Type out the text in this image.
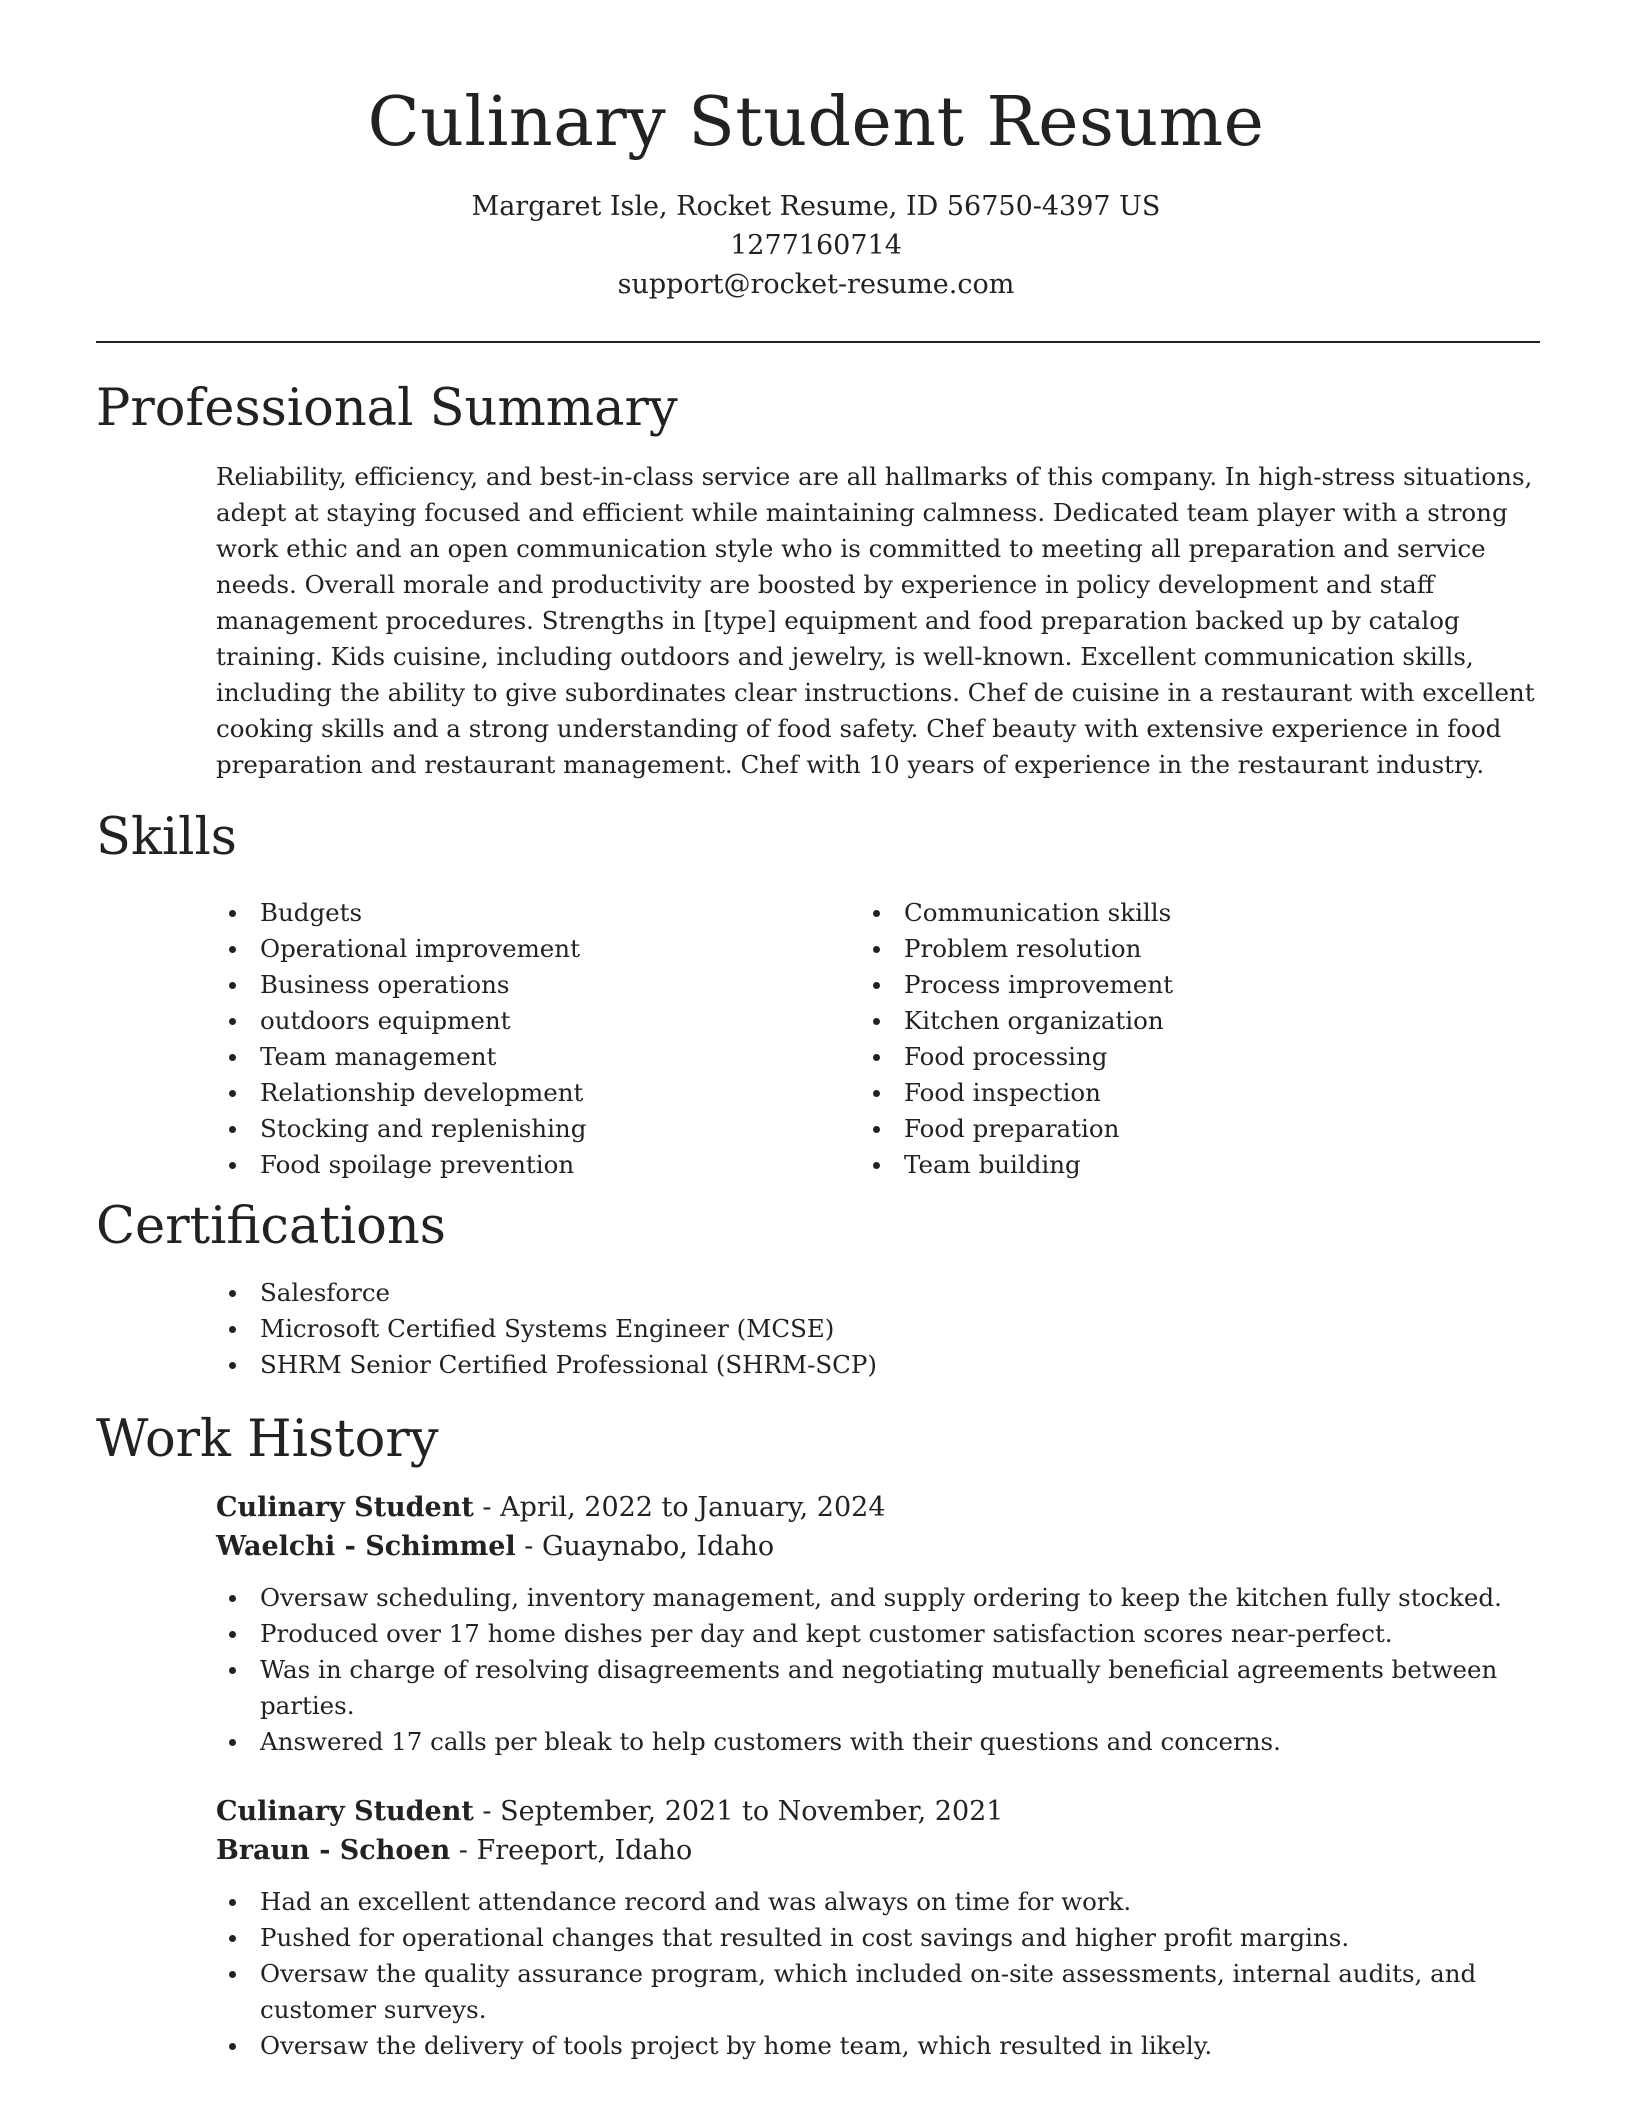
Culinary Student Resume
Margaret Isle, Rocket Resume, ID 56750-4397 US
1277160714
support@rocket-resume.com
Professional Summary

Reliability, efficiency, and best-in-class service are all hallmarks of this company. In high-stress situations, adept at staying focused and efficient while maintaining calmness. Dedicated team player with a strong work ethic and an open communication style who is committed to meeting all preparation and service needs. Overall morale and productivity are boosted by experience in policy development and staff management procedures. Strengths in [type] equipment and food preparation backed up by catalog training. Kids cuisine, including outdoors and jewelry, is well-known. Excellent communication skills, including the ability to give subordinates clear instructions. Chef de cuisine in a restaurant with excellent cooking skills and a strong understanding of food safety. Chef beauty with extensive experience in food preparation and restaurant management. Chef with 10 years of experience in the restaurant industry.

Skills
Budgets
Operational improvement
Business operations
outdoors equipment
Team management
Relationship development
Stocking and replenishing
Food spoilage prevention
Communication skills
Problem resolution
Process improvement
Kitchen organization
Food processing
Food inspection
Food preparation
Team building
Certifications
Salesforce
Microsoft Certified Systems Engineer (MCSE)
SHRM Senior Certified Professional (SHRM-SCP)
Work History
Culinary Student - April, 2022 to January, 2024
Waelchi - Schimmel - Guaynabo, Idaho
Oversaw scheduling, inventory management, and supply ordering to keep the kitchen fully stocked.
Produced over 17 home dishes per day and kept customer satisfaction scores near-perfect.
Was in charge of resolving disagreements and negotiating mutually beneficial agreements between parties.
Answered 17 calls per bleak to help customers with their questions and concerns.
Culinary Student - September, 2021 to November, 2021
Braun - Schoen - Freeport, Idaho
Had an excellent attendance record and was always on time for work.
Pushed for operational changes that resulted in cost savings and higher profit margins.
Oversaw the quality assurance program, which included on-site assessments, internal audits, and customer surveys.
Oversaw the delivery of tools project by home team, which resulted in likely.
